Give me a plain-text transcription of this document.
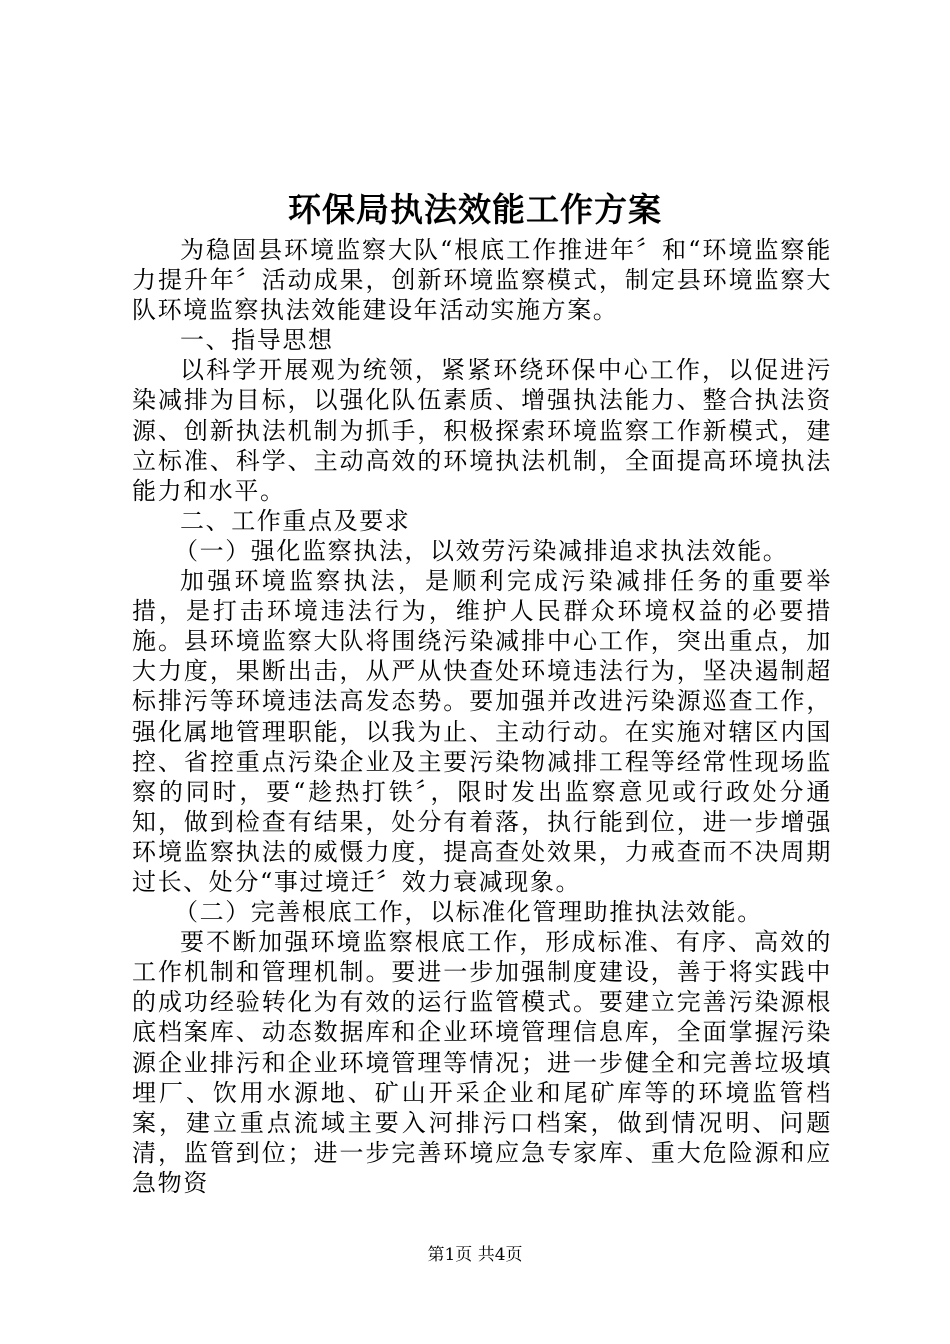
环保局执法效能工作方案

为稳固县环境监察大队“根底工作推进年〞和“环境监察能力提升年〞活动成果，创新环境监察模式，制定县环境监察大队环境监察执法效能建设年活动实施方案。

一、指导思想

以科学开展观为统领，紧紧环绕环保中心工作，以促进污染减排为目标，以强化队伍素质、增强执法能力、整合执法资源、创新执法机制为抓手，积极探索环境监察工作新模式，建立标准、科学、主动高效的环境执法机制，全面提高环境执法能力和水平。

二、工作重点及要求

（一）强化监察执法，以效劳污染减排追求执法效能。

加强环境监察执法，是顺利完成污染减排任务的重要举措，是打击环境违法行为，维护人民群众环境权益的必要措施。县环境监察大队将围绕污染减排中心工作，突出重点，加大力度，果断出击，从严从快查处环境违法行为，坚决遏制超标排污等环境违法高发态势。要加强并改进污染源巡查工作，强化属地管理职能，以我为止、主动行动。在实施对辖区内国控、省控重点污染企业及主要污染物减排工程等经常性现场监察的同时，要“趁热打铁〞，限时发出监察意见或行政处分通知，做到检查有结果，处分有着落，执行能到位，进一步增强环境监察执法的威慑力度，提高查处效果，力戒查而不决周期过长、处分“事过境迁〞效力衰减现象。

（二）完善根底工作，以标准化管理助推执法效能。

要不断加强环境监察根底工作，形成标准、有序、高效的工作机制和管理机制。要进一步加强制度建设，善于将实践中的成功经验转化为有效的运行监管模式。要建立完善污染源根底档案库、动态数据库和企业环境管理信息库，全面掌握污染源企业排污和企业环境管理等情况；进一步健全和完善垃圾填埋厂、饮用水源地、矿山开采企业和尾矿库等的环境监管档案，建立重点流域主要入河排污口档案，做到情况明、问题清，监管到位；进一步完善环境应急专家库、重大危险源和应急物资

第1页 共4页
